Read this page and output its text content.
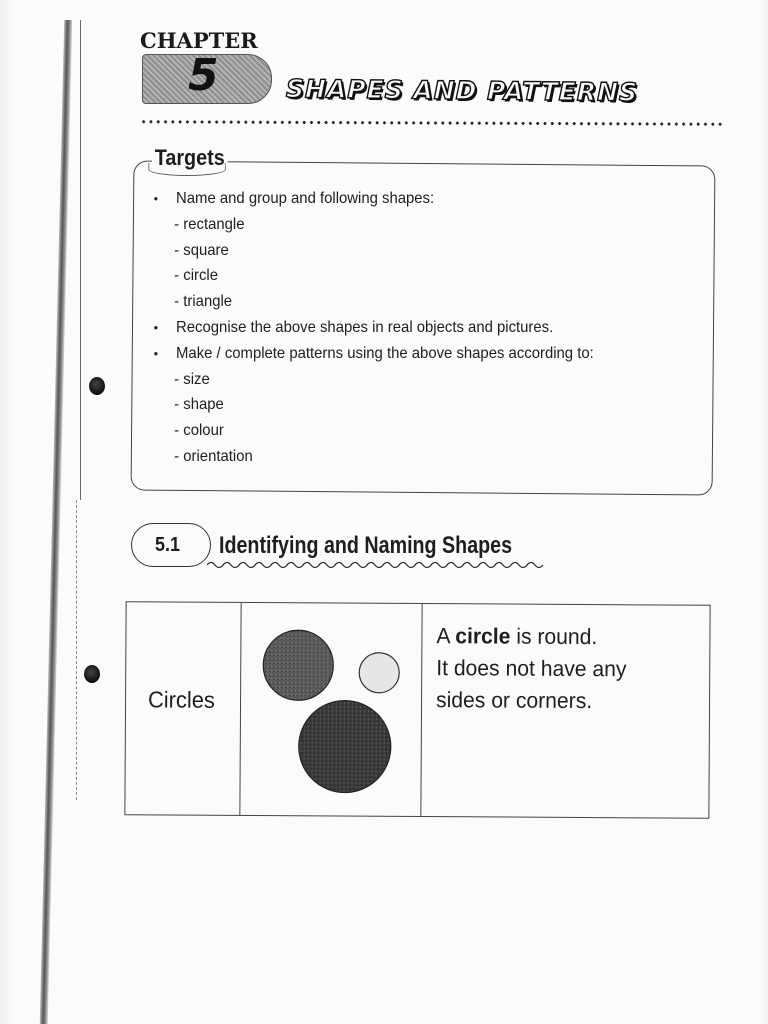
CHAPTER
5	SHAPES AND PATTERNS
Targets
• Name and group and following shapes:
- rectangle
- square
- circle
- triangle
• Recognise the above shapes in real objects and pictures.
• Make / complete patterns using the above shapes according to:
- size
- shape
- colour
- orientation
5.1 Identifying and Naming Shapes
Circles
A circle is round.
It does not have any
sides or corners.
